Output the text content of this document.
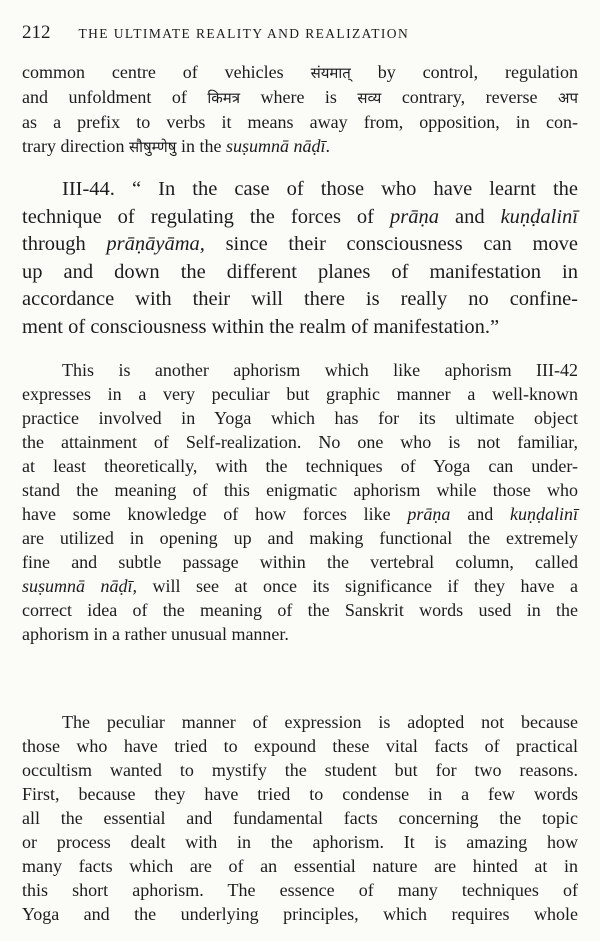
212 THE ULTIMATE REALITY AND REALIZATION
common centre of vehicles संयमात् by control, regulation
and unfoldment of किमत्र where is सव्य contrary, reverse अप
as a prefix to verbs it means away from, opposition, in con-
trary direction सौषुम्णेषु in the suṣumnā nāḍī.
III-44. “ In the case of those who have learnt the
technique of regulating the forces of prāṇa and kuṇḍalinī
through prāṇāyāma, since their consciousness can move
up and down the different planes of manifestation in
accordance with their will there is really no confine-
ment of consciousness within the realm of manifestation.”
This is another aphorism which like aphorism III-42
expresses in a very peculiar but graphic manner a well-known
practice involved in Yoga which has for its ultimate object
the attainment of Self-realization. No one who is not familiar,
at least theoretically, with the techniques of Yoga can under-
stand the meaning of this enigmatic aphorism while those who
have some knowledge of how forces like prāṇa and kuṇḍalinī
are utilized in opening up and making functional the extremely
fine and subtle passage within the vertebral column, called
suṣumnā nāḍī, will see at once its significance if they have a
correct idea of the meaning of the Sanskrit words used in the
aphorism in a rather unusual manner.
The peculiar manner of expression is adopted not because
those who have tried to expound these vital facts of practical
occultism wanted to mystify the student but for two reasons.
First, because they have tried to condense in a few words
all the essential and fundamental facts concerning the topic
or process dealt with in the aphorism. It is amazing how
many facts which are of an essential nature are hinted at in
this short aphorism. The essence of many techniques of
Yoga and the underlying principles, which requires whole
